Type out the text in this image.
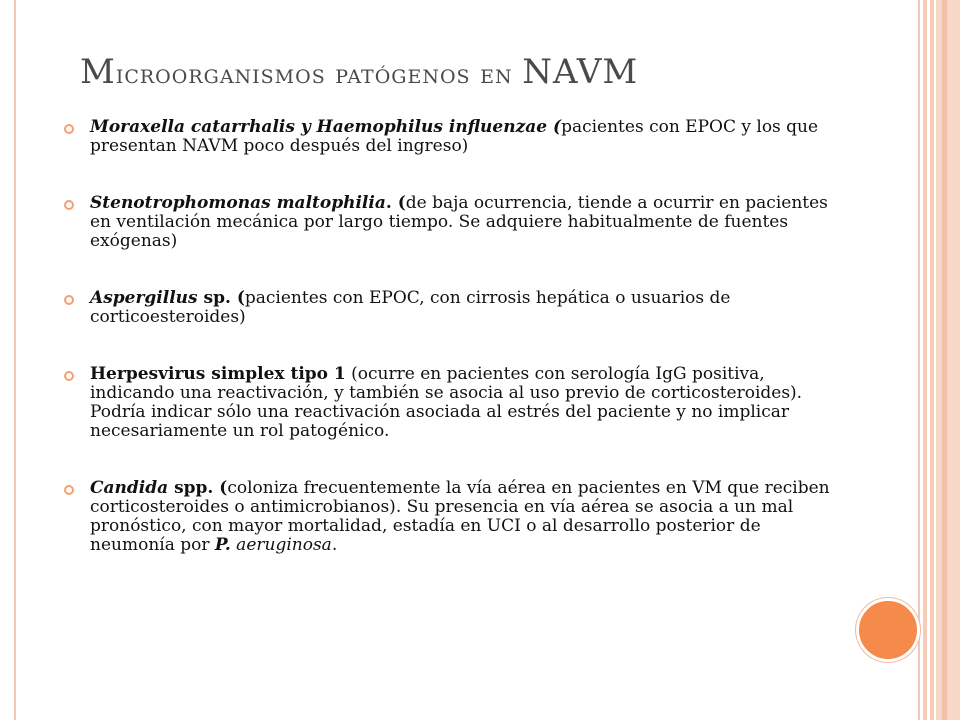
Microorganismos patógenos en NAVM
Moraxella catarrhalis y Haemophilus influenzae (pacientes con EPOC y los que presentan NAVM poco después del ingreso)
Stenotrophomonas maltophilia. (de baja ocurrencia, tiende a ocurrir en pacientes en ventilación mecánica por largo tiempo. Se adquiere habitualmente de fuentes exógenas)
Aspergillus sp. (pacientes con EPOC, con cirrosis hepática o usuarios de corticoesteroides)
Herpesvirus simplex tipo 1 (ocurre en pacientes con serología IgG positiva, indicando una reactivación, y también se asocia al uso previo de corticosteroides). Podría indicar sólo una reactivación asociada al estrés del paciente y no implicar necesariamente un rol patogénico.
Candida spp. (coloniza frecuentemente la vía aérea en pacientes en VM que reciben corticosteroides o antimicrobianos). Su presencia en vía aérea se asocia a un mal pronóstico, con mayor mortalidad, estadía en UCI o al desarrollo posterior de neumonía por P. aeruginosa.
